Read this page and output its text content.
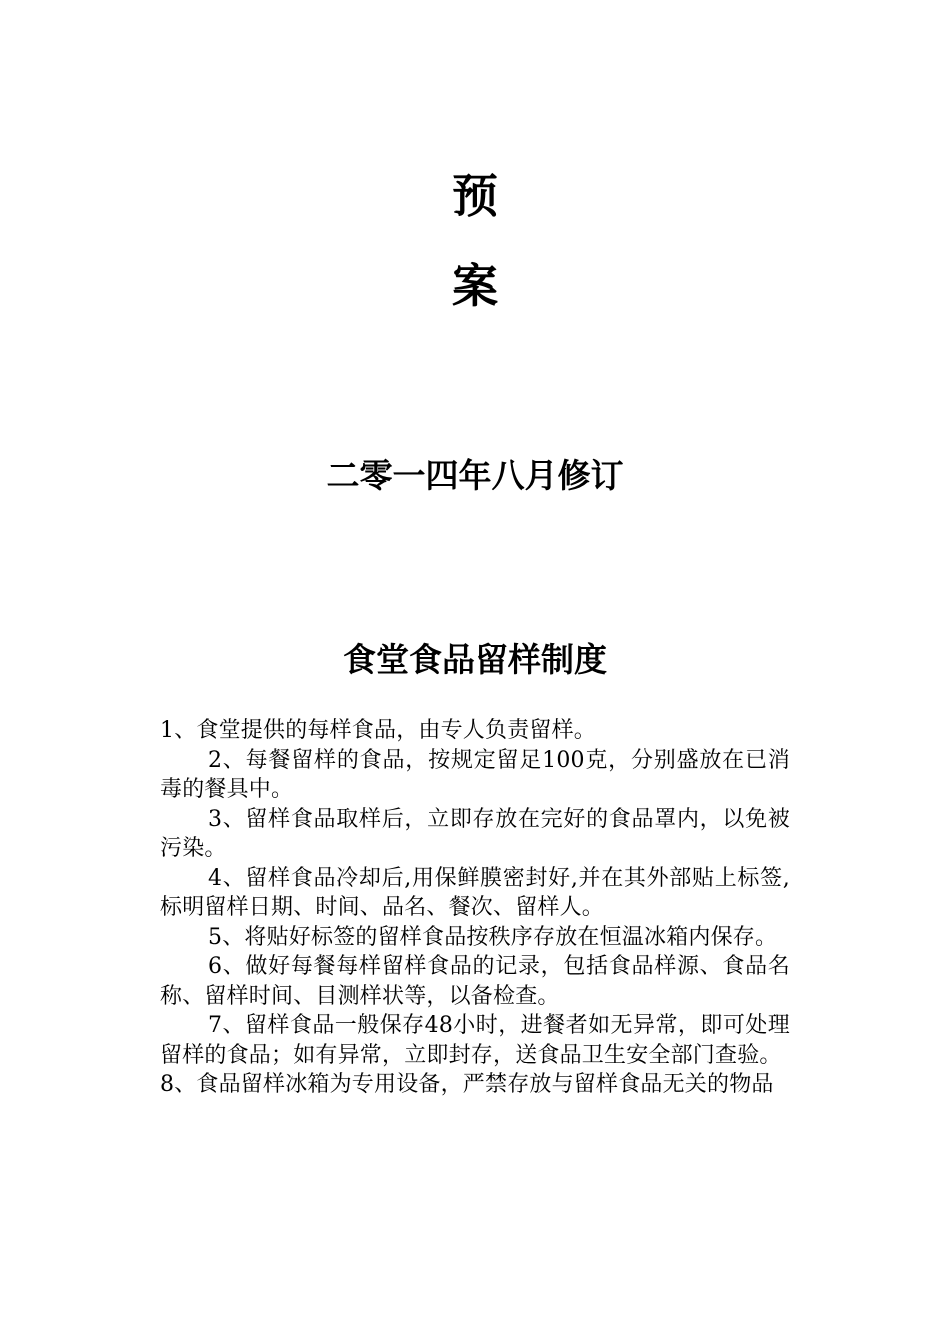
预
案
二零一四年八月修订
食堂食品留样制度

1、食堂提供的每样食品，由专人负责留样。

2、每餐留样的食品，按规定留足100克，分别盛放在已消毒的餐具中。

3、留样食品取样后，立即存放在完好的食品罩内，以免被污染。

4、留样食品冷却后,用保鲜膜密封好,并在其外部贴上标签,标明留样日期、时间、品名、餐次、留样人。

5、将贴好标签的留样食品按秩序存放在恒温冰箱内保存。

6、做好每餐每样留样食品的记录，包括食品样源、食品名称、留样时间、目测样状等，以备检查。

7、留样食品一般保存48小时，进餐者如无异常，即可处理留样的食品；如有异常，立即封存，送食品卫生安全部门查验。

8、食品留样冰箱为专用设备，严禁存放与留样食品无关的物品
